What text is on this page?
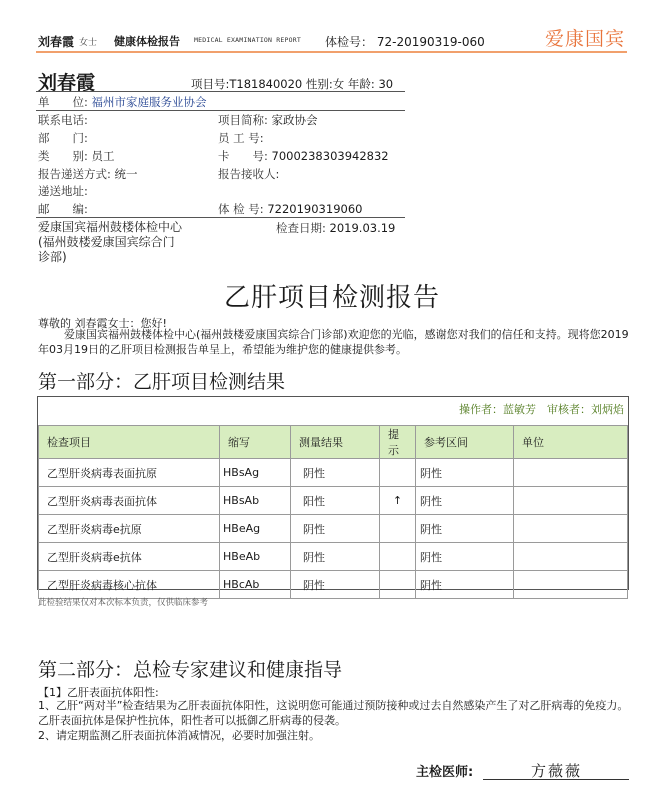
刘春霞 女士 健康体检报告 MEDICAL EXAMINATION REPORT 体检号： 72-20190319-060	爱康国宾
刘春霞	项目号:T181840020 性别:女 年龄: 30
单　　位: 福州市家庭服务业协会
联系电话:	项目简称: 家政协会
部　　门:	员 工 号:
类　　别: 员工	卡　　号: 7000238303942832
报告递送方式: 统一	报告接收人:
递送地址:
邮　　编:	体 检 号: 7220190319060
爱康国宾福州鼓楼体检中心
(福州鼓楼爱康国宾综合门
诊部)
检查日期: 2019.03.19
乙肝项目检测报告
尊敬的 刘春霞女士：您好!
爱康国宾福州鼓楼体检中心(福州鼓楼爱康国宾综合门诊部)欢迎您的光临，感谢您对我们的信任和支持。现将您2019年03月19日的乙肝项目检测报告单呈上，希望能为维护您的健康提供参考。
第一部分：乙肝项目检测结果
操作者：蓝敏芳　审核者：刘炳焰
检查项目	缩写	测量结果	提示	参考区间	单位
乙型肝炎病毒表面抗原	HBsAg	阴性		阴性	
乙型肝炎病毒表面抗体	HBsAb	阳性	↑	阴性	
乙型肝炎病毒e抗原	HBeAg	阴性		阴性	
乙型肝炎病毒e抗体	HBeAb	阴性		阴性	
乙型肝炎病毒核心抗体	HBcAb	阴性		阴性	
此检验结果仅对本次标本负责，仅供临床参考
第二部分：总检专家建议和健康指导
【1】乙肝表面抗体阳性:
1、乙肝“两对半”检查结果为乙肝表面抗体阳性，这说明您可能通过预防接种或过去自然感染产生了对乙肝病毒的免疫力。乙肝表面抗体是保护性抗体，阳性者可以抵御乙肝病毒的侵袭。
2、请定期监测乙肝表面抗体消减情况，必要时加强注射。
主检医师:	方薇薇
